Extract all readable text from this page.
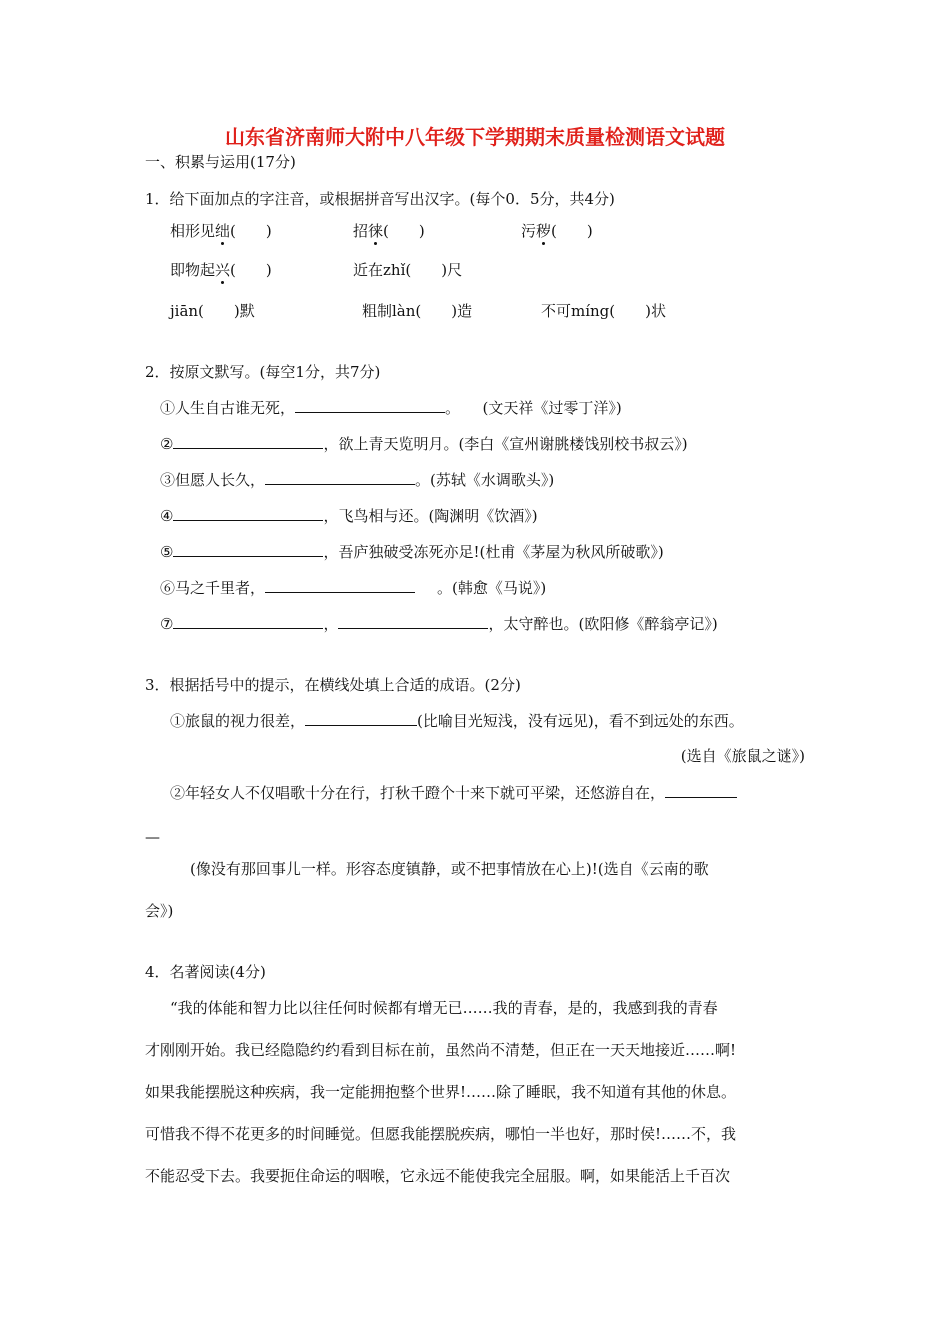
山东省济南师大附中八年级下学期期末质量检测语文试题
一、积累与运用(17分)
1．给下面加点的字注音，或根据拼音写出汉字。(每个0．5分，共4分)
相形见绌(　　)	招徕(　　)	污秽(　　)
即物起兴(　　)	近在zhǐ(　　)尺
jiān(　　)默	粗制làn(　　)造	不可míng(　　)状
2．按原文默写。(每空1分，共7分)
①人生自古谁无死，	。　　(文天祥《过零丁洋》)
②	，欲上青天览明月。(李白《宣州谢朓楼饯别校书叔云》)
③但愿人长久，	。(苏轼《水调歌头》)
④	，飞鸟相与还。(陶渊明《饮酒》)
⑤	，吾庐独破受冻死亦足!(杜甫《茅屋为秋风所破歌》)
⑥马之千里者，	。(韩愈《马说》)
⑦	，	，太守醉也。(欧阳修《醉翁亭记》)
3．根据括号中的提示，在横线处填上合适的成语。(2分)
①旅鼠的视力很差，	(比喻目光短浅，没有远见)，看不到远处的东西。
(选自《旅鼠之谜》)
②年轻女人不仅唱歌十分在行，打秋千蹬个十来下就可平梁，还悠游自在，
—
(像没有那回事儿一样。形容态度镇静，或不把事情放在心上)!(选自《云南的歌
会》)
4．名著阅读(4分)
“我的体能和智力比以往任何时候都有增无已……我的青春，是的，我感到我的青春
才刚刚开始。我已经隐隐约约看到目标在前，虽然尚不清楚，但正在一天天地接近……啊!
如果我能摆脱这种疾病，我一定能拥抱整个世界!……除了睡眠，我不知道有其他的休息。
可惜我不得不花更多的时间睡觉。但愿我能摆脱疾病，哪怕一半也好，那时侯!……不，我
不能忍受下去。我要扼住命运的咽喉，它永远不能使我完全屈服。啊，如果能活上千百次
